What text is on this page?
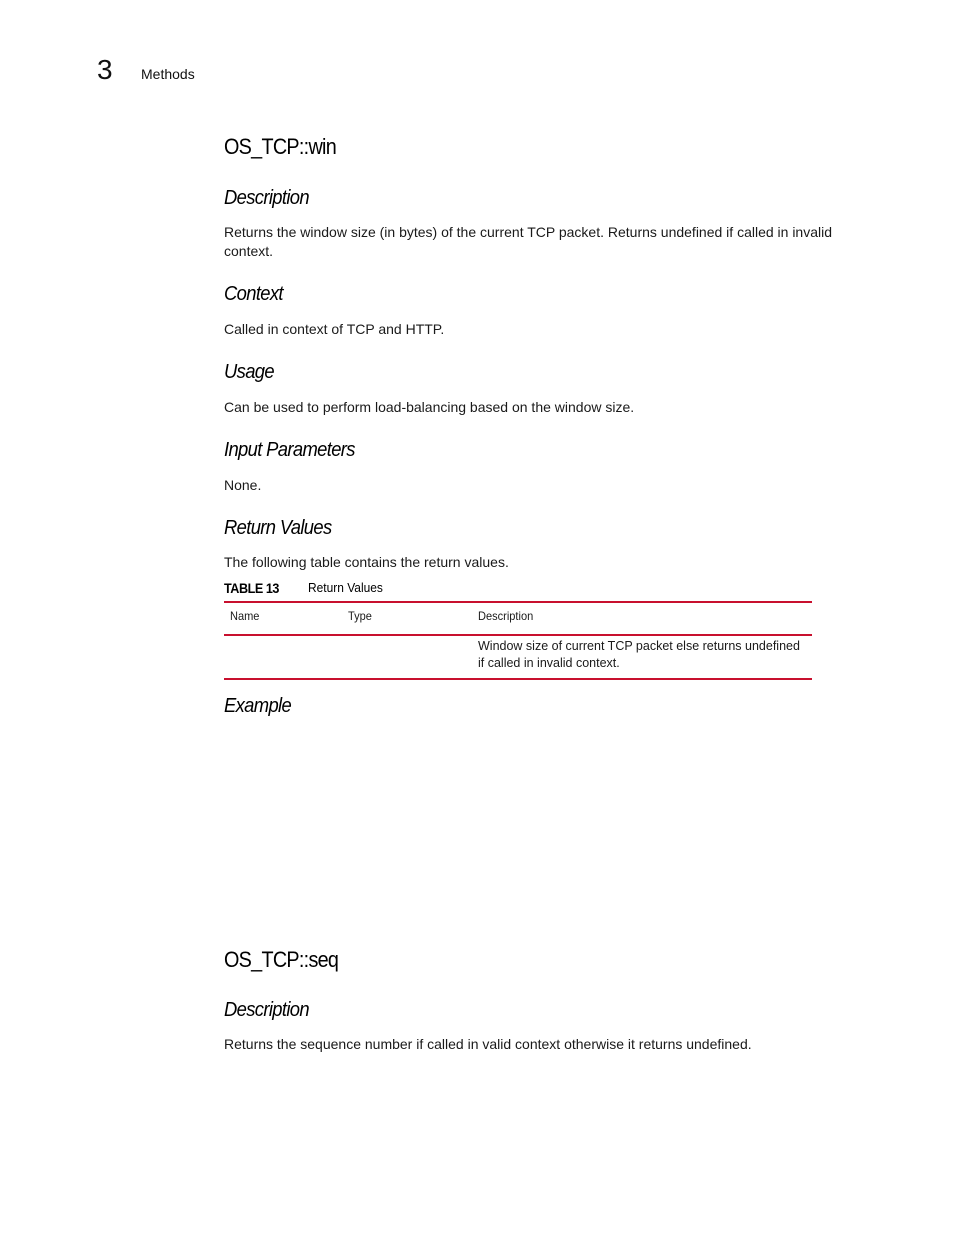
3 Methods
OS_TCP::win
Description

Returns the window size (in bytes) of the current TCP packet. Returns undefined if called in invalid context.

Context

Called in context of TCP and HTTP.

Usage

Can be used to perform load-balancing based on the window size.

Input Parameters

None.

Return Values

The following table contains the return values.

TABLE 13 Return Values
Name	Type	Description
		Window size of current TCP packet else returns undefined if called in invalid context.
Example
OS_TCP::seq
Description

Returns the sequence number if called in valid context otherwise it returns undefined.
